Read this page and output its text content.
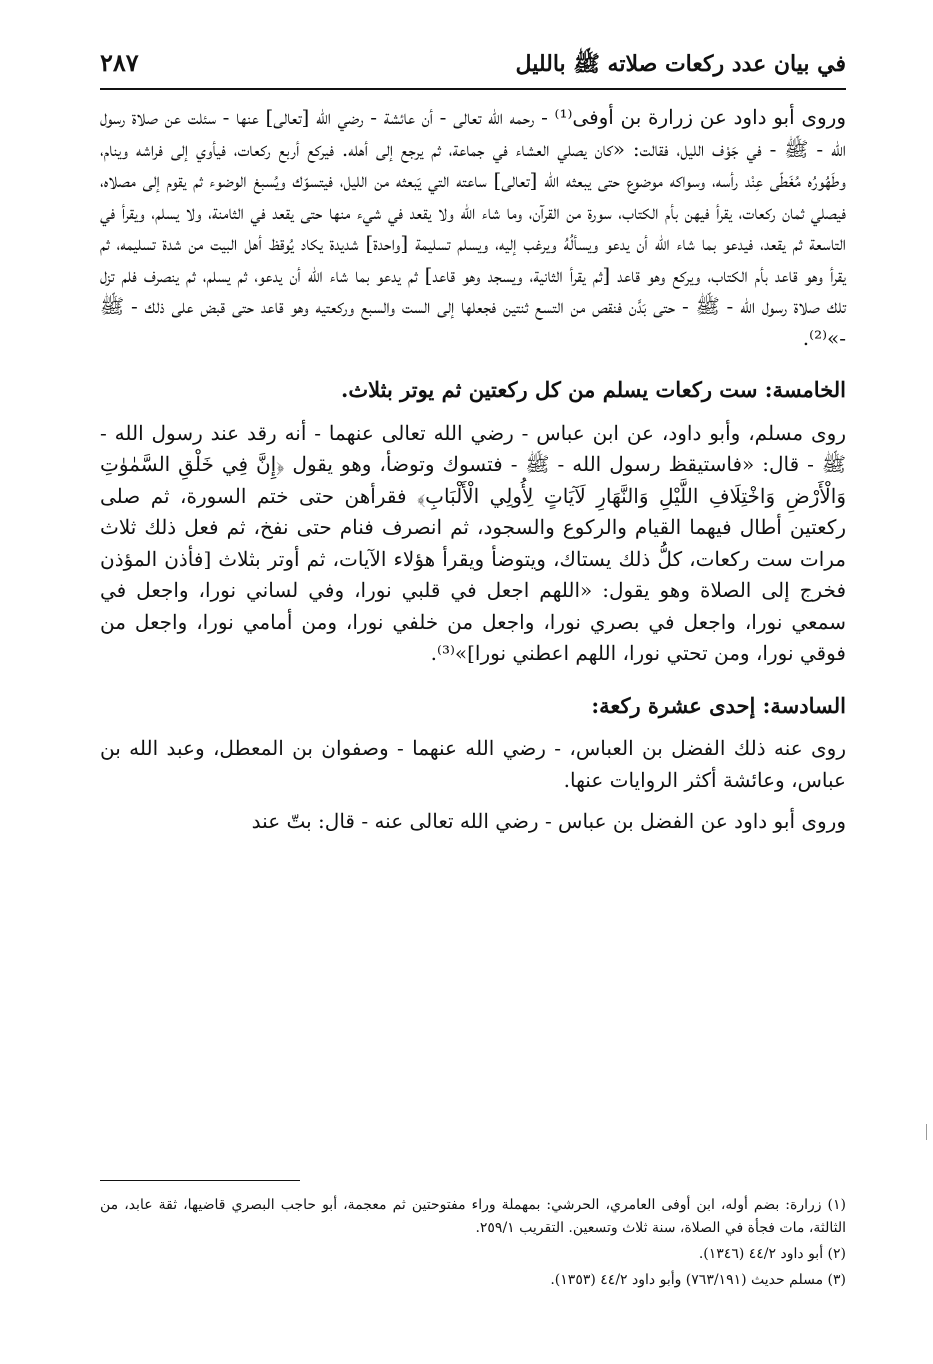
في بيان عدد ركعات صلاته ﷺ بالليل
٢٨٧

وروى أبو داود عن زرارة بن أوفى⁽¹⁾ - رحمه الله تعالى - أن عائشة - رضي الله [تعالى] عنها - سئلت عن صلاة رسول الله - ﷺ - في جَوْف الليل، فقالت: «كان يصلي العشاء في جماعة، ثم يرجع إلى أهله. فيركع أربع ركعات، فيأوي إلى فراشه وينام، وطَهُورُه مُغَطّى عِنْد رأسه، وسواكه موضوع حتى يبعثه الله [تعالى] ساعته التي يَبعثه من الليل، فيتسوّك ويُسبغ الوضوء ثم يقوم إلى مصلاه، فيصلي ثمان ركعات، يقرأ فيهن بأم الكتاب، سورة من القرآن، وما شاء الله ولا يقعد في شيء منها حتى يقعد في الثامنة، ولا يسلم، ويقرأ في التاسعة ثم يقعد، فيدعو بما شاء الله أن يدعو ويسألُهُ ويرغب إليه، ويسلم تسليمة [واحدة] شديدة يكاد يُوقظ أهل البيت من شدة تسليمه، ثم يقرأ وهو قاعد بأم الكتاب، ويركع وهو قاعد [ثم يقرأ الثانية، ويسجد وهو قاعد] ثم يدعو بما شاء الله أن يدعو، ثم يسلم، ثم ينصرف فلم تزل تلك صلاة رسول الله - ﷺ - حتى بَدَّن فنقص من التسع ثنتين فجعلها إلى الست والسبع وركعتيه وهو قاعد حتى قبض على ذلك - ﷺ -»⁽²⁾.

الخامسة: ست ركعات يسلم من كل ركعتين ثم يوتر بثلاث.

روى مسلم، وأبو داود، عن ابن عباس - رضي الله تعالى عنهما - أنه رقد عند رسول الله - ﷺ - قال: «فاستيقظ رسول الله - ﷺ - فتسوك وتوضأ، وهو يقول ﴿إِنَّ فِي خَلْقِ السَّمٰوٰتِ وَالْأَرْضِ وَاخْتِلَافِ اللَّيْلِ وَالنَّهَارِ لَآيَاتٍ لِأُولِي الْأَلْبَابِ﴾ فقرأهن حتى ختم السورة، ثم صلى ركعتين أطال فيهما القيام والركوع والسجود، ثم انصرف فنام حتى نفخ، ثم فعل ذلك ثلاث مرات ست ركعات، كلُّ ذلك يستاك، ويتوضأ ويقرأ هؤلاء الآيات، ثم أوتر بثلاث [فأذن المؤذن فخرج إلى الصلاة وهو يقول: «اللهم اجعل في قلبي نورا، وفي لساني نورا، واجعل في سمعي نورا، واجعل في بصري نورا، واجعل من خلفي نورا، ومن أمامي نورا، واجعل من فوقي نورا، ومن تحتي نورا، اللهم اعطني نورا]»⁽³⁾.

السادسة: إحدى عشرة ركعة:

روى عنه ذلك الفضل بن العباس، - رضي الله عنهما - وصفوان بن المعطل، وعبد الله بن عباس، وعائشة أكثر الروايات عنها.

وروى أبو داود عن الفضل بن عباس - رضي الله تعالى عنه - قال: بتّ عند

(١) زرارة: بضم أوله، ابن أوفى العامري، الحرشي: بمهملة وراء مفتوحتين ثم معجمة، أبو حاجب البصري قاضيها، ثقة عابد، من الثالثة، مات فجأة في الصلاة، سنة ثلاث وتسعين. التقريب ٢٥٩/١.

(٢) أبو داود ٤٤/٢ (١٣٤٦).

(٣) مسلم حديث (٧٦٣/١٩١) وأبو داود ٤٤/٢ (١٣٥٣).
